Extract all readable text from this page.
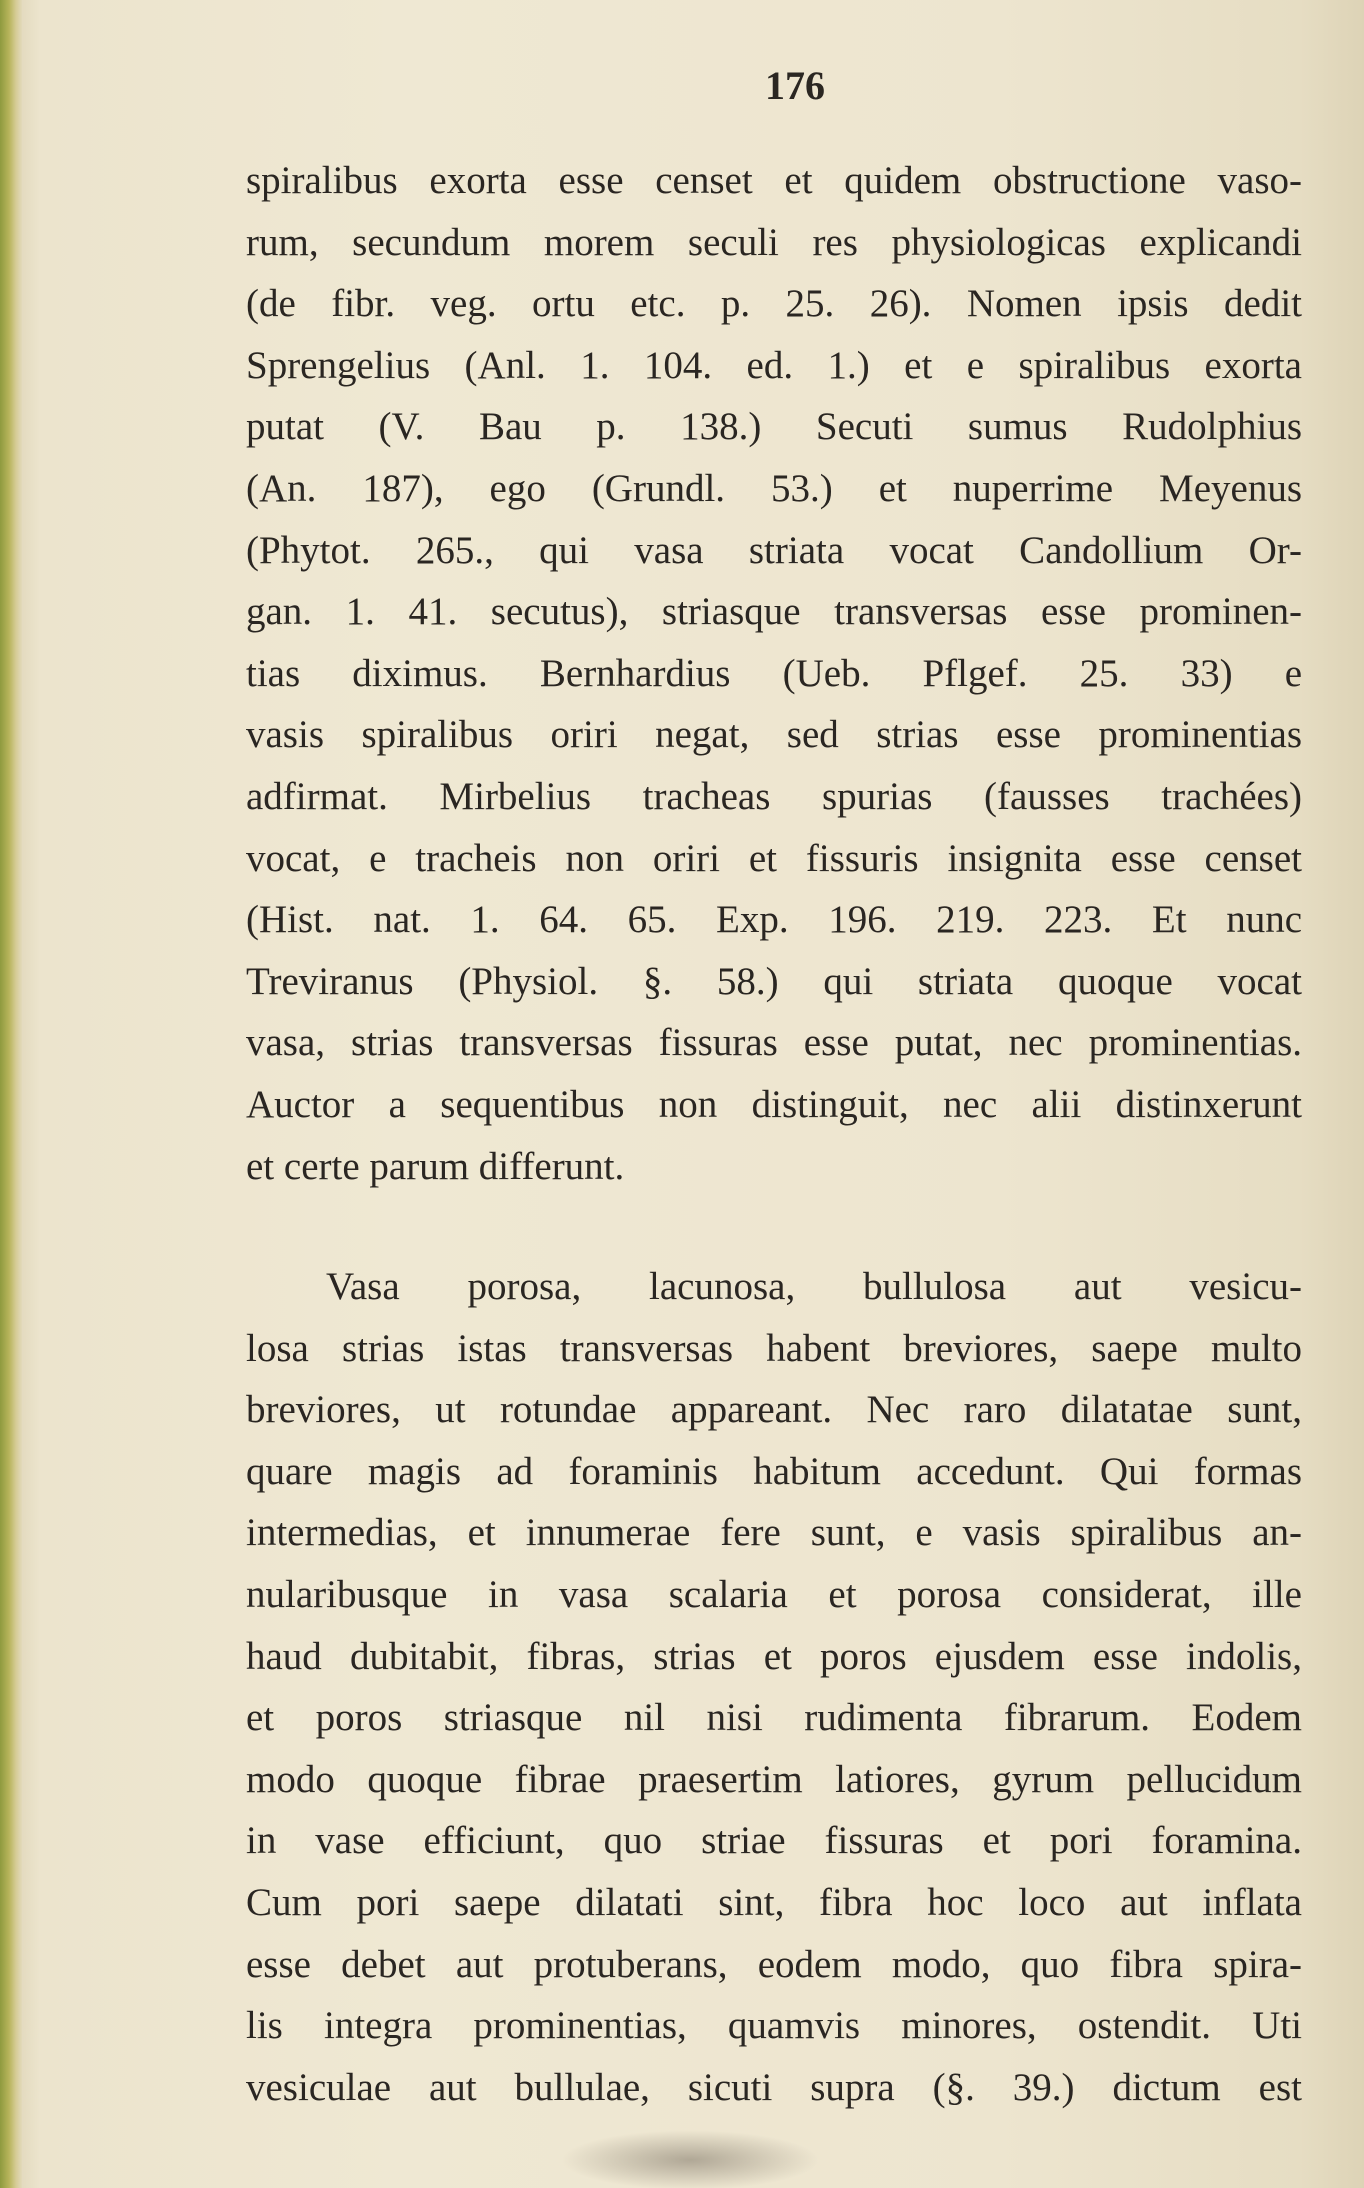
176
spiralibus exorta esse censet et quidem obstructione vaso-
rum, secundum morem seculi res physiologicas explicandi
(de fibr. veg. ortu etc. p. 25. 26). Nomen ipsis dedit
Sprengelius (Anl. 1. 104. ed. 1.) et e spiralibus exorta
putat (V. Bau p. 138.) Secuti sumus Rudolphius
(An. 187), ego (Grundl. 53.) et nuperrime Meyenus
(Phytot. 265., qui vasa striata vocat Candollium Or-
gan. 1. 41. secutus), striasque transversas esse prominen-
tias diximus. Bernhardius (Ueb. Pflgef. 25. 33) e
vasis spiralibus oriri negat, sed strias esse prominentias
adfirmat. Mirbelius tracheas spurias (fausses trachées)
vocat, e tracheis non oriri et fissuris insignita esse censet
(Hist. nat. 1. 64. 65. Exp. 196. 219. 223. Et nunc
Treviranus (Physiol. §. 58.) qui striata quoque vocat
vasa, strias transversas fissuras esse putat, nec prominentias.
Auctor a sequentibus non distinguit, nec alii distinxerunt
et certe parum differunt.
Vasa porosa, lacunosa, bullulosa aut vesicu-
losa strias istas transversas habent breviores, saepe multo
breviores, ut rotundae appareant. Nec raro dilatatae sunt,
quare magis ad foraminis habitum accedunt. Qui formas
intermedias, et innumerae fere sunt, e vasis spiralibus an-
nularibusque in vasa scalaria et porosa considerat, ille
haud dubitabit, fibras, strias et poros ejusdem esse indolis,
et poros striasque nil nisi rudimenta fibrarum. Eodem
modo quoque fibrae praesertim latiores, gyrum pellucidum
in vase efficiunt, quo striae fissuras et pori foramina.
Cum pori saepe dilatati sint, fibra hoc loco aut inflata
esse debet aut protuberans, eodem modo, quo fibra spira-
lis integra prominentias, quamvis minores, ostendit. Uti
vesiculae aut bullulae, sicuti supra (§. 39.) dictum est
